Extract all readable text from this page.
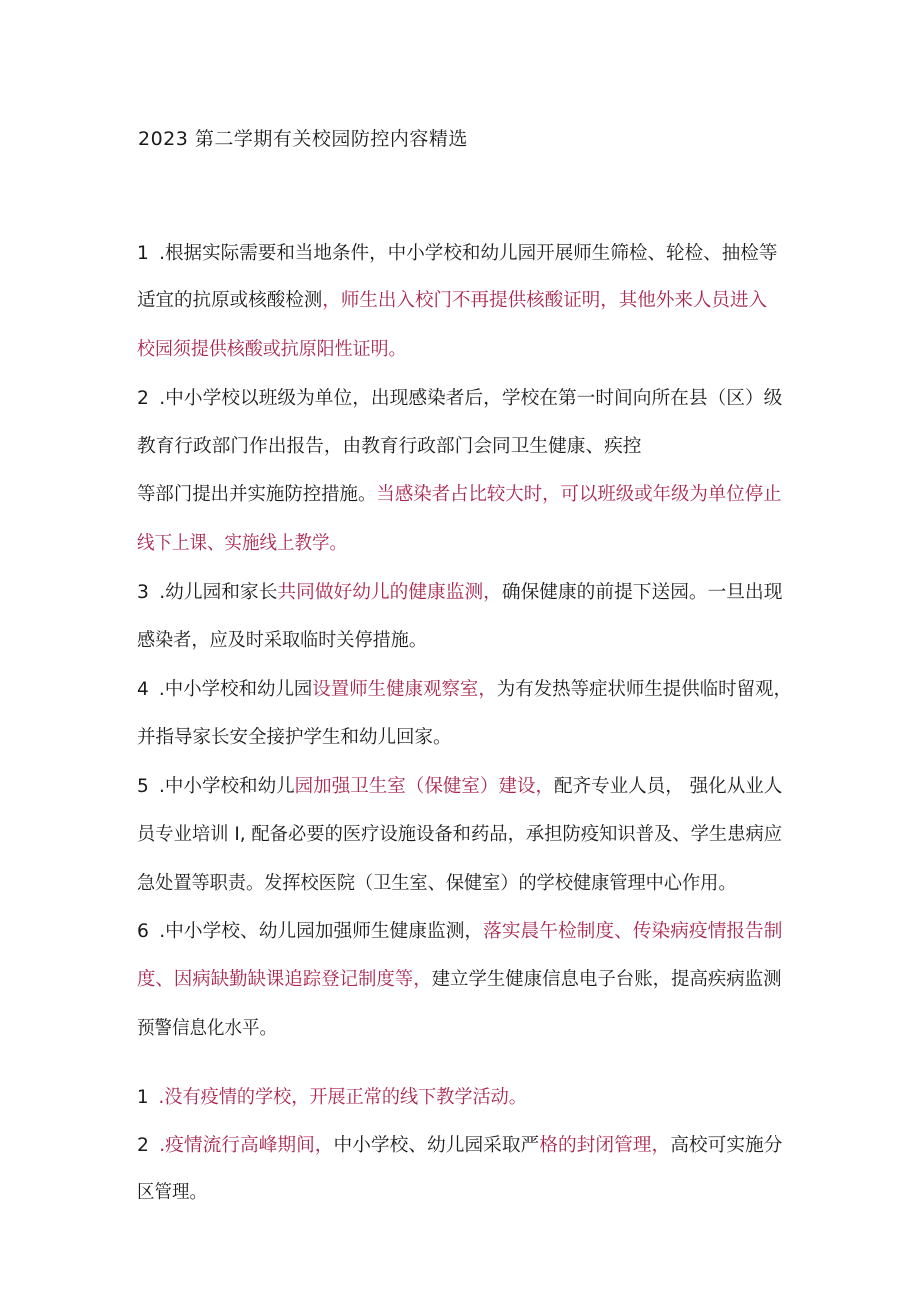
2023 第二学期有关校园防控内容精选
1 .根据实际需要和当地条件，中小学校和幼儿园开展师生筛检、轮检、抽检等
适宜的抗原或核酸检测，师生出入校门不再提供核酸证明，其他外来人员进入
校园须提供核酸或抗原阳性证明。
2 .中小学校以班级为单位，出现感染者后，学校在第一时间向所在县（区）级
教育行政部门作出报告，由教育行政部门会同卫生健康、疾控
等部门提出并实施防控措施。当感染者占比较大时，可以班级或年级为单位停止
线下上课、实施线上教学。
3 .幼儿园和家长共同做好幼儿的健康监测，确保健康的前提下送园。一旦出现
感染者，应及时采取临时关停措施。
4 .中小学校和幼儿园设置师生健康观察室，为有发热等症状师生提供临时留观，
并指导家长安全接护学生和幼儿回家。
5 .中小学校和幼儿园加强卫生室（保健室）建设，配齐专业人员， 强化从业人
员专业培训 I, 配备必要的医疗设施设备和药品，承担防疫知识普及、学生患病应
急处置等职责。发挥校医院（卫生室、保健室）的学校健康管理中心作用。
6 .中小学校、幼儿园加强师生健康监测，落实晨午检制度、传染病疫情报告制
度、因病缺勤缺课追踪登记制度等，建立学生健康信息电子台账，提高疾病监测
预警信息化水平。
1 .没有疫情的学校，开展正常的线下教学活动。
2 .疫情流行高峰期间，中小学校、幼儿园采取严格的封闭管理，高校可实施分
区管理。
